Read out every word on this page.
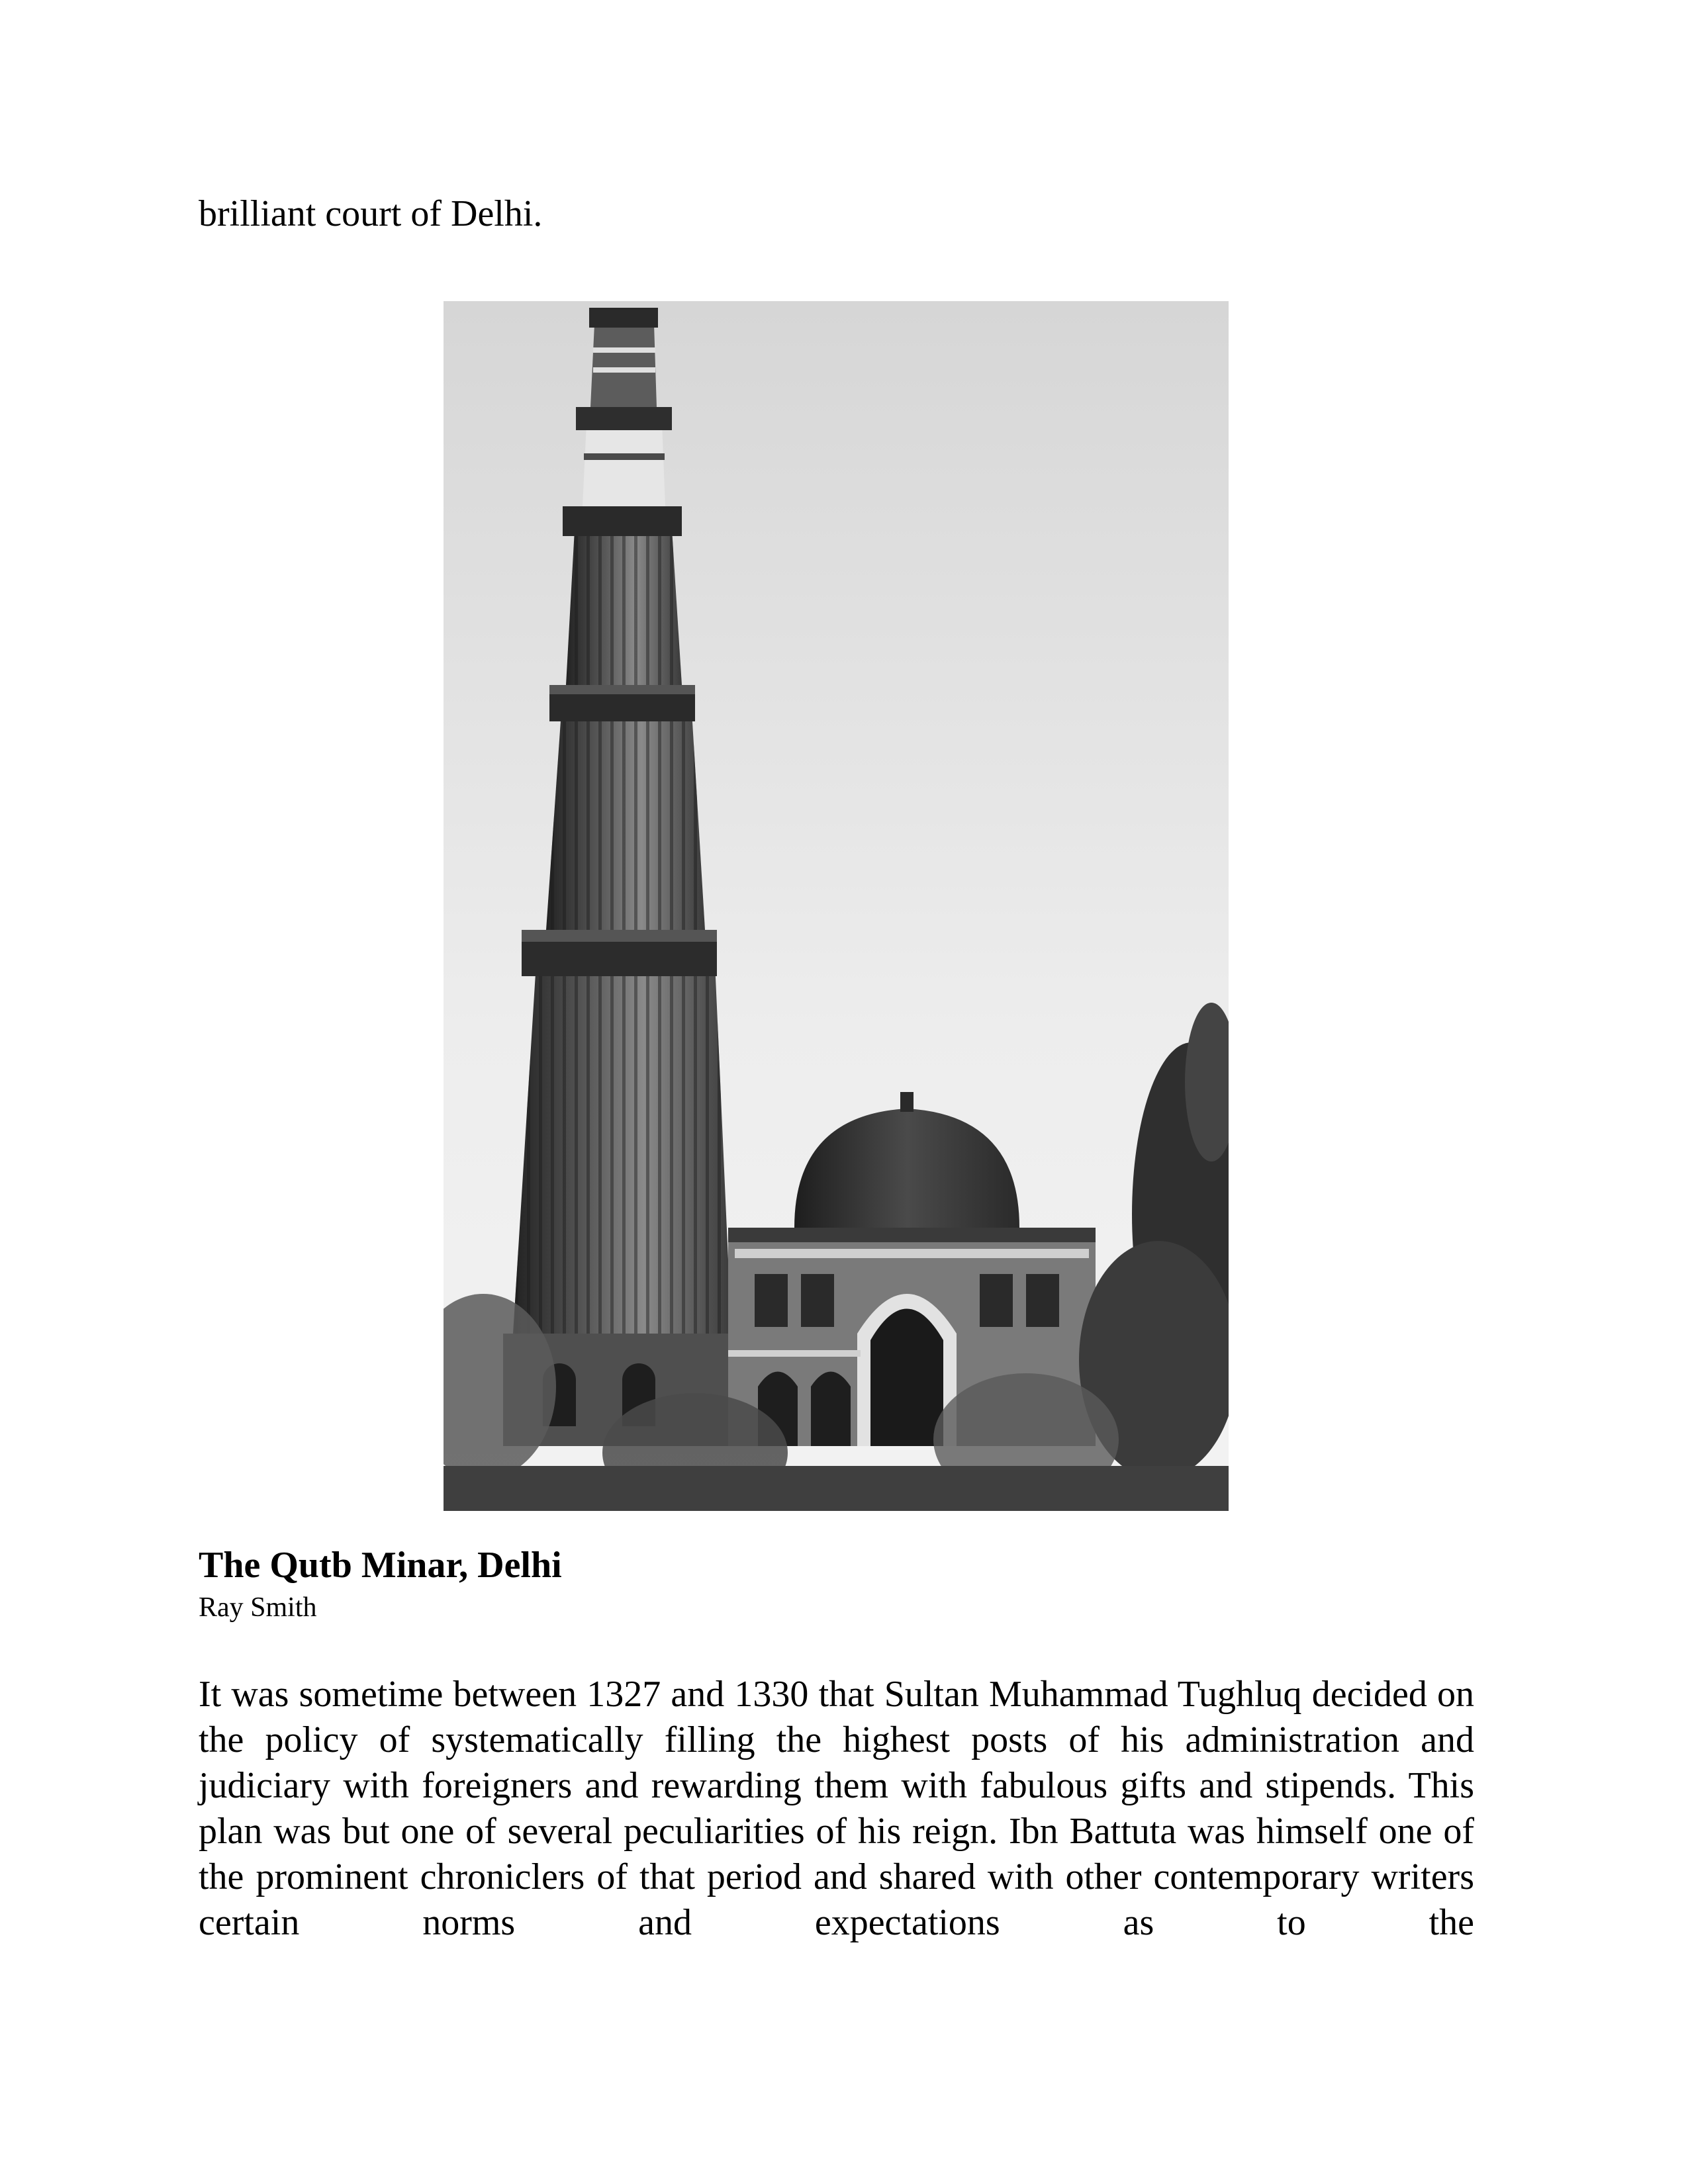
brilliant court of Delhi.
The Qutb Minar, Delhi
Ray Smith

It was sometime between 1327 and 1330 that Sultan Muhammad Tughluq decided on the policy of systematically filling the highest posts of his administration and judiciary with foreigners and rewarding them with fabulous gifts and stipends. This plan was but one of several peculiarities of his reign. Ibn Battuta was himself one of the prominent chroniclers of that period and shared with other contemporary writers certain norms and expectations as to the
